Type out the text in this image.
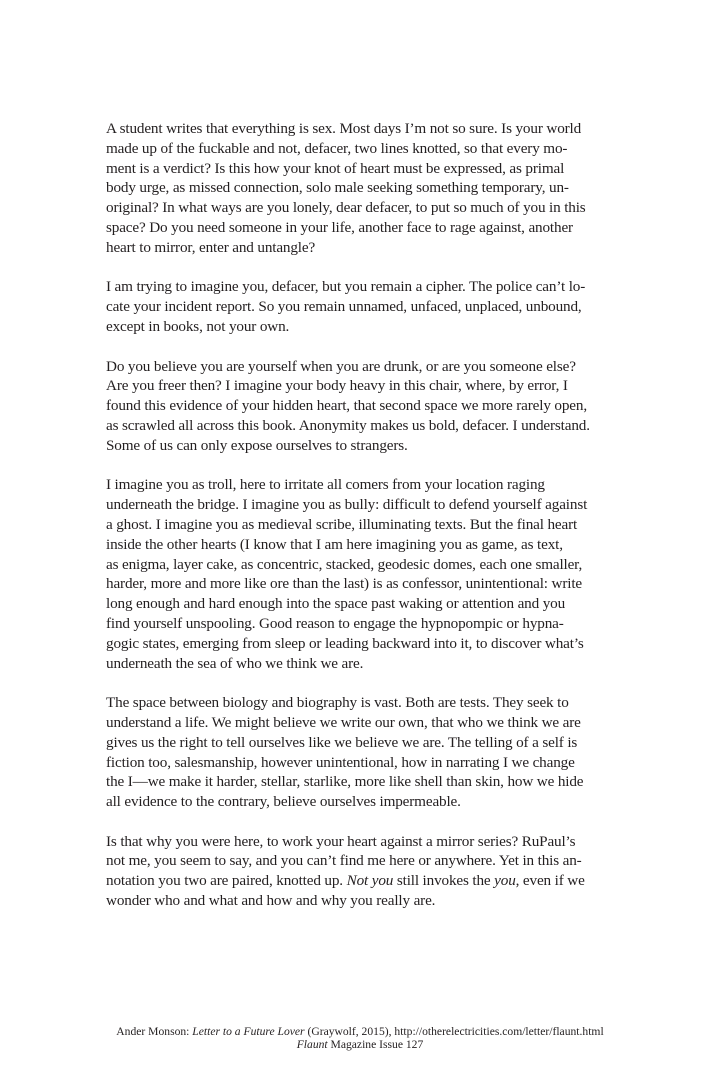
A student writes that everything is sex. Most days I’m not so sure. Is your world
made up of the fuckable and not, defacer, two lines knotted, so that every mo-
ment is a verdict? Is this how your knot of heart must be expressed, as primal
body urge, as missed connection, solo male seeking something temporary, un-
original? In what ways are you lonely, dear defacer, to put so much of you in this
space? Do you need someone in your life, another face to rage against, another
heart to mirror, enter and untangle?
I am trying to imagine you, defacer, but you remain a cipher. The police can’t lo-
cate your incident report. So you remain unnamed, unfaced, unplaced, unbound,
except in books, not your own.
Do you believe you are yourself when you are drunk, or are you someone else?
Are you freer then? I imagine your body heavy in this chair, where, by error, I
found this evidence of your hidden heart, that second space we more rarely open,
as scrawled all across this book. Anonymity makes us bold, defacer. I understand.
Some of us can only expose ourselves to strangers.
I imagine you as troll, here to irritate all comers from your location raging
underneath the bridge. I imagine you as bully: difficult to defend yourself against
a ghost. I imagine you as medieval scribe, illuminating texts. But the final heart
inside the other hearts (I know that I am here imagining you as game, as text,
as enigma, layer cake, as concentric, stacked, geodesic domes, each one smaller,
harder, more and more like ore than the last) is as confessor, unintentional: write
long enough and hard enough into the space past waking or attention and you
find yourself unspooling. Good reason to engage the hypnopompic or hypna-
gogic states, emerging from sleep or leading backward into it, to discover what’s
underneath the sea of who we think we are.
The space between biology and biography is vast. Both are tests. They seek to
understand a life. We might believe we write our own, that who we think we are
gives us the right to tell ourselves like we believe we are. The telling of a self is
fiction too, salesmanship, however unintentional, how in narrating I we change
the I—we make it harder, stellar, starlike, more like shell than skin, how we hide
all evidence to the contrary, believe ourselves impermeable.
Is that why you were here, to work your heart against a mirror series? RuPaul’s
not me, you seem to say, and you can’t find me here or anywhere. Yet in this an-
notation you two are paired, knotted up. Not you still invokes the you, even if we
wonder who and what and how and why you really are.
Ander Monson: Letter to a Future Lover (Graywolf, 2015), http://otherelectricities.com/letter/flaunt.html
Flaunt Magazine Issue 127
